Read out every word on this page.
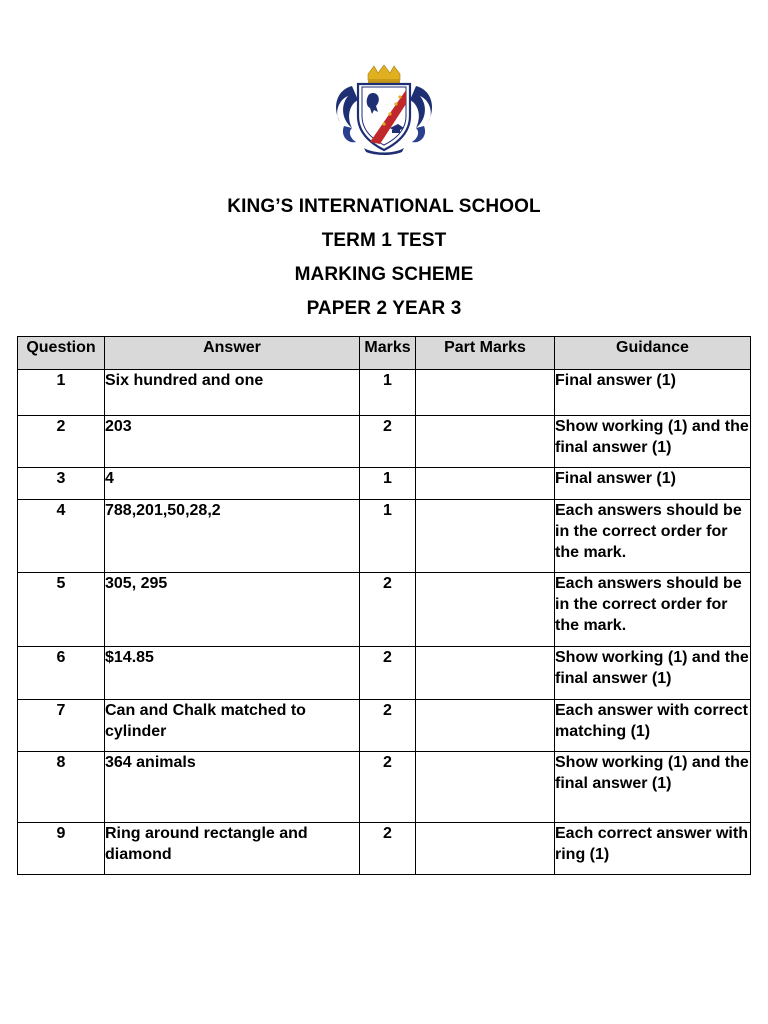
KING’S INTERNATIONAL SCHOOL
TERM 1 TEST
MARKING SCHEME
PAPER 2 YEAR 3
Question	Answer	Marks	Part Marks	Guidance
1	Six hundred and one	1		Final answer (1)
2	203	2		Show working (1) and the final answer (1)
3	4	1		Final answer (1)
4	788,201,50,28,2	1		Each answers should be in the correct order for the mark.
5	305, 295	2		Each answers should be in the correct order for the mark.
6	$14.85	2		Show working (1) and the final answer (1)
7	Can and Chalk matched to cylinder	2		Each answer with correct matching (1)
8	364 animals	2		Show working (1) and the final answer (1)
9	Ring around rectangle and diamond	2		Each correct answer with ring (1)
